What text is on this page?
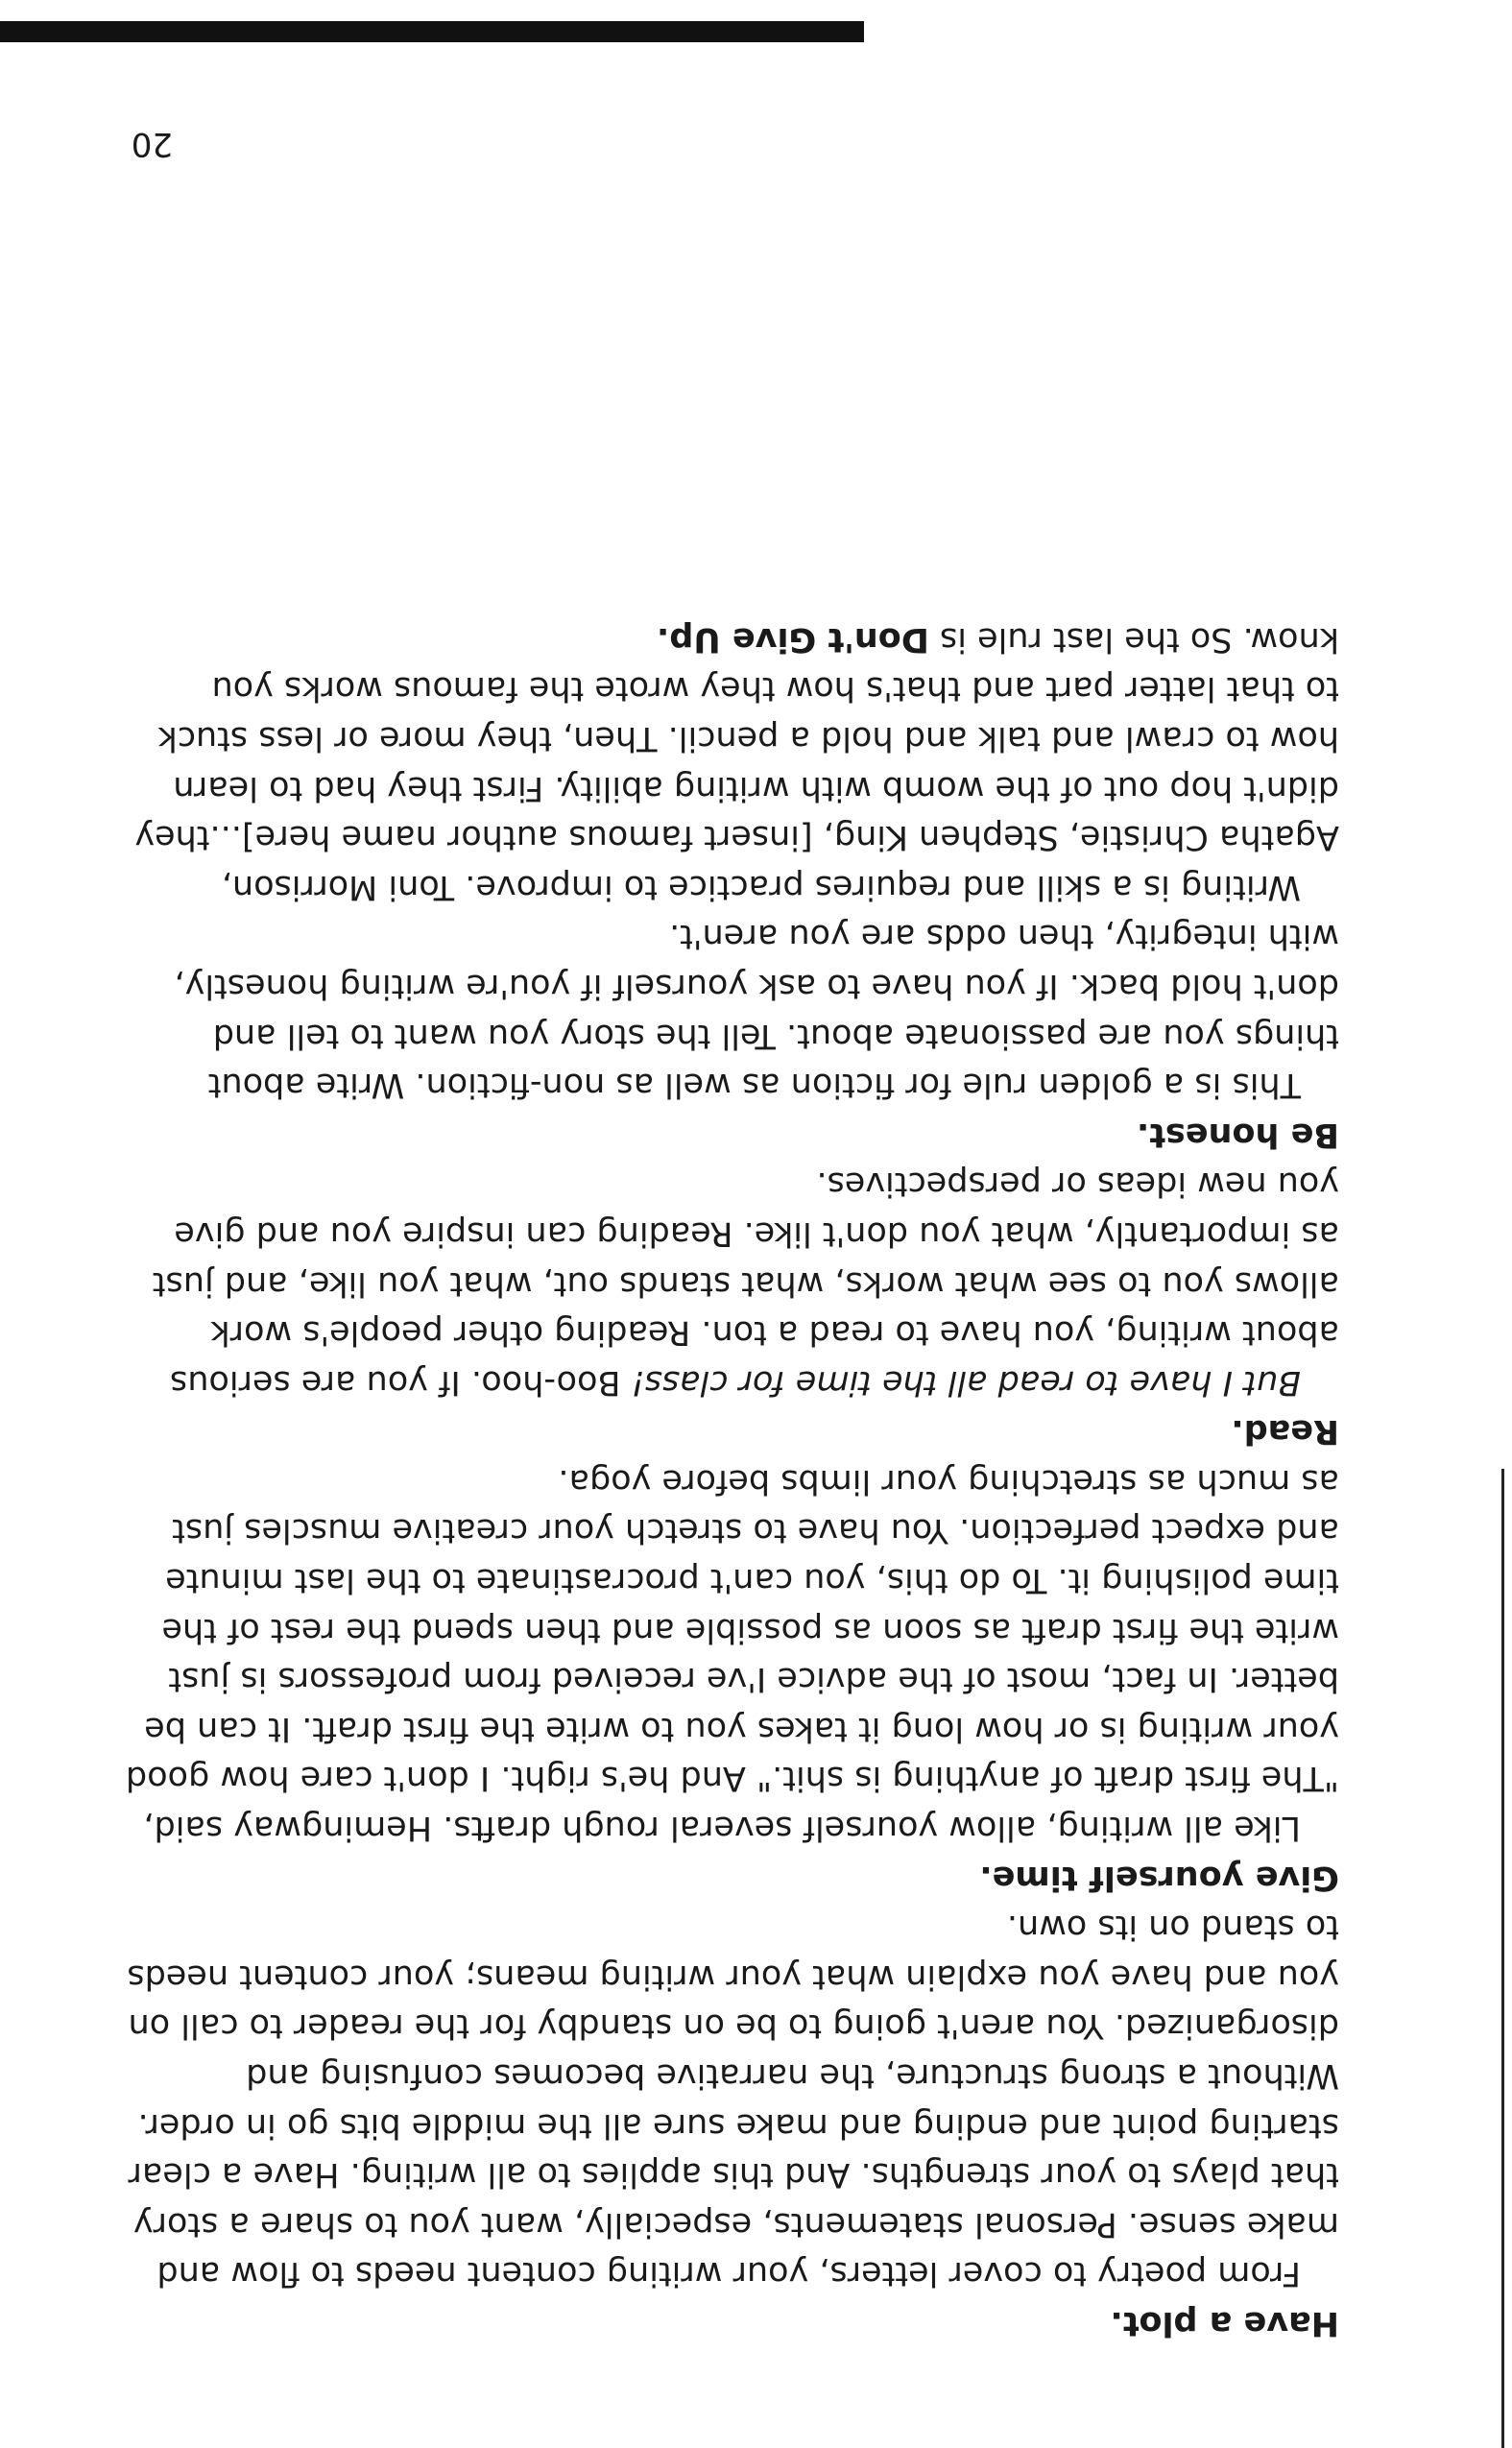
Have a plot.

From poetry to cover letters, your writing content needs to flow and make sense. Personal statements, especially, want you to share a story that plays to your strengths. And this applies to all writing. Have a clear starting point and ending and make sure all the middle bits go in order. Without a strong structure, the narrative becomes confusing and disorganized. You aren't going to be on standby for the reader to call on you and have you explain what your writing means; your content needs to stand on its own.

Give yourself time.

Like all writing, allow yourself several rough drafts. Hemingway said, "The first draft of anything is shit." And he's right. I don't care how good your writing is or how long it takes you to write the first draft. It can be better. In fact, most of the advice I've received from professors is just write the first draft as soon as possible and then spend the rest of the time polishing it. To do this, you can't procrastinate to the last minute and expect perfection. You have to stretch your creative muscles just as much as stretching your limbs before yoga.

Read.

But I have to read all the time for class! Boo-hoo. If you are serious about writing, you have to read a ton. Reading other people's work allows you to see what works, what stands out, what you like, and just as importantly, what you don't like. Reading can inspire you and give you new ideas or perspectives.

Be honest.

This is a golden rule for fiction as well as non-fiction. Write about things you are passionate about. Tell the story you want to tell and don't hold back. If you have to ask yourself if you're writing honestly, with integrity, then odds are you aren't.

Writing is a skill and requires practice to improve. Toni Morrison, Agatha Christie, Stephen King, [insert famous author name here]...they didn't hop out of the womb with writing ability. First they had to learn how to crawl and talk and hold a pencil. Then, they more or less stuck to that latter part and that's how they wrote the famous works you know. So the last rule is Don't Give Up.

20
